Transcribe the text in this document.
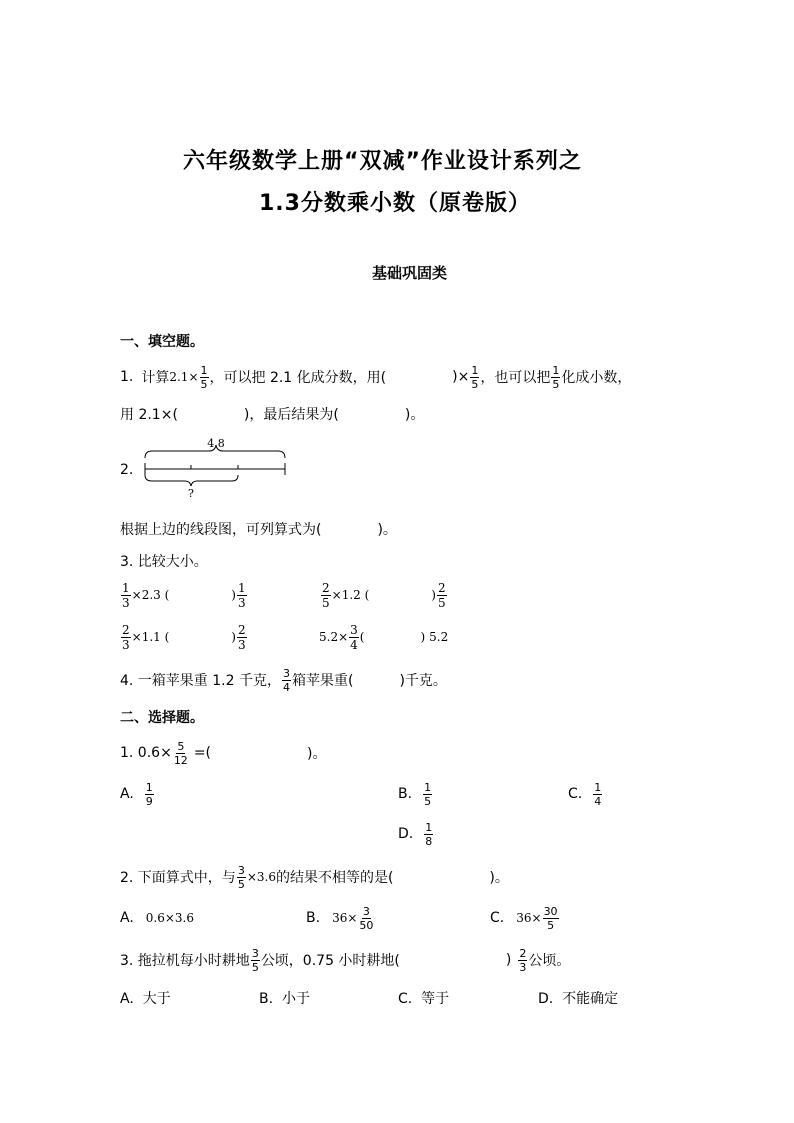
六年级数学上册“双减”作业设计系列之
1.3分数乘小数（原卷版）
基础巩固类
一、填空题。
1. 计算 $2.1\times \frac{1}{5}$ ，可以把 2.1 化成分数，用(	)× $\frac{1}{5}$ ，也可以把 $\frac{1}{5}$ 化成小数，
用 2.1×(	)，最后结果为(	)。
2.
4.8
?
根据上边的线段图，可列算式为(	)。
3. 比较大小。
$\frac{1}{3} \times 2.3$ (	) $\frac{1}{3}$	$\frac{2}{5} \times 1.2$ (	) $\frac{2}{5}$
$\frac{2}{3} \times 1.1$ (	) $\frac{2}{3}$	$5.2\times \frac{3}{4}$ (	) 5.2
4. 一箱苹果重 1.2 千克， $\frac{3}{4}$ 箱苹果重(	)千克。
二、选择题。
1. $0.6\times \frac{5}{12}$ =(	)。
A. $\frac{1}{9}$	B. $\frac{1}{5}$	C. $\frac{1}{4}$
D. $\frac{1}{8}$
2. 下面算式中，与 $\frac{3}{5} \times 3.6$ 的结果不相等的是(	)。
A. 0.6×3.6	B. $36\times \frac{3}{50}$	C. $36\times \frac{30}{5}$
3. 拖拉机每小时耕地 $\frac{3}{5}$ 公顷，0.75 小时耕地(	) $\frac{2}{3}$ 公顷。
A. 大于	B. 小于	C. 等于	D. 不能确定
